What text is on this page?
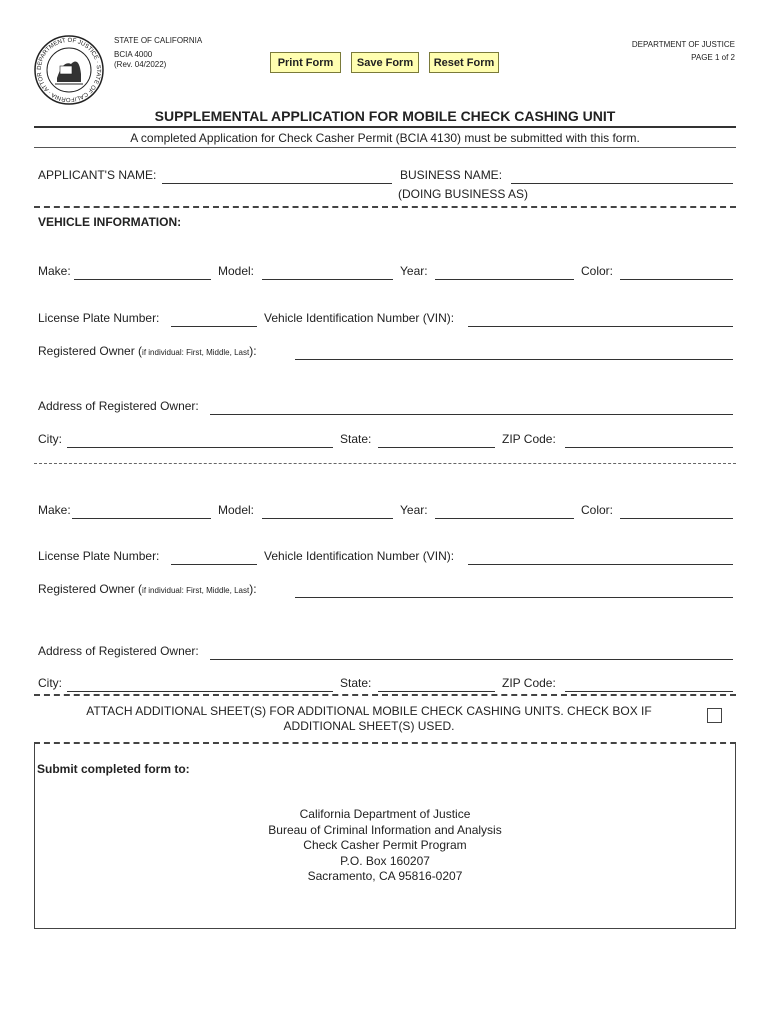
DEPARTMENT OF JUSTICE · STATE OF CALIFORNIA · ATTOR
STATE OF CALIFORNIA
BCIA 4000
(Rev. 04/2022)
DEPARTMENT OF JUSTICE
PAGE 1 of 2
Print Form	Save Form	Reset Form
SUPPLEMENTAL APPLICATION FOR MOBILE CHECK CASHING UNIT
A completed Application for Check Casher Permit (BCIA 4130) must be submitted with this form.
APPLICANT'S NAME:	BUSINESS NAME:
(DOING BUSINESS AS)
VEHICLE INFORMATION:
Make:	Model:	Year:	Color:
License Plate Number:	Vehicle Identification Number (VIN):
Registered Owner (if individual: First, Middle, Last):
Address of Registered Owner:
City:	State:	ZIP Code:
Make:	Model:	Year:	Color:
License Plate Number:	Vehicle Identification Number (VIN):
Registered Owner (if individual: First, Middle, Last):
Address of Registered Owner:
City:	State:	ZIP Code:
ATTACH ADDITIONAL SHEET(S) FOR ADDITIONAL MOBILE CHECK CASHING UNITS. CHECK BOX IF
ADDITIONAL SHEET(S) USED.
Submit completed form to:
California Department of Justice
Bureau of Criminal Information and Analysis
Check Casher Permit Program
P.O. Box 160207
Sacramento, CA 95816-0207
